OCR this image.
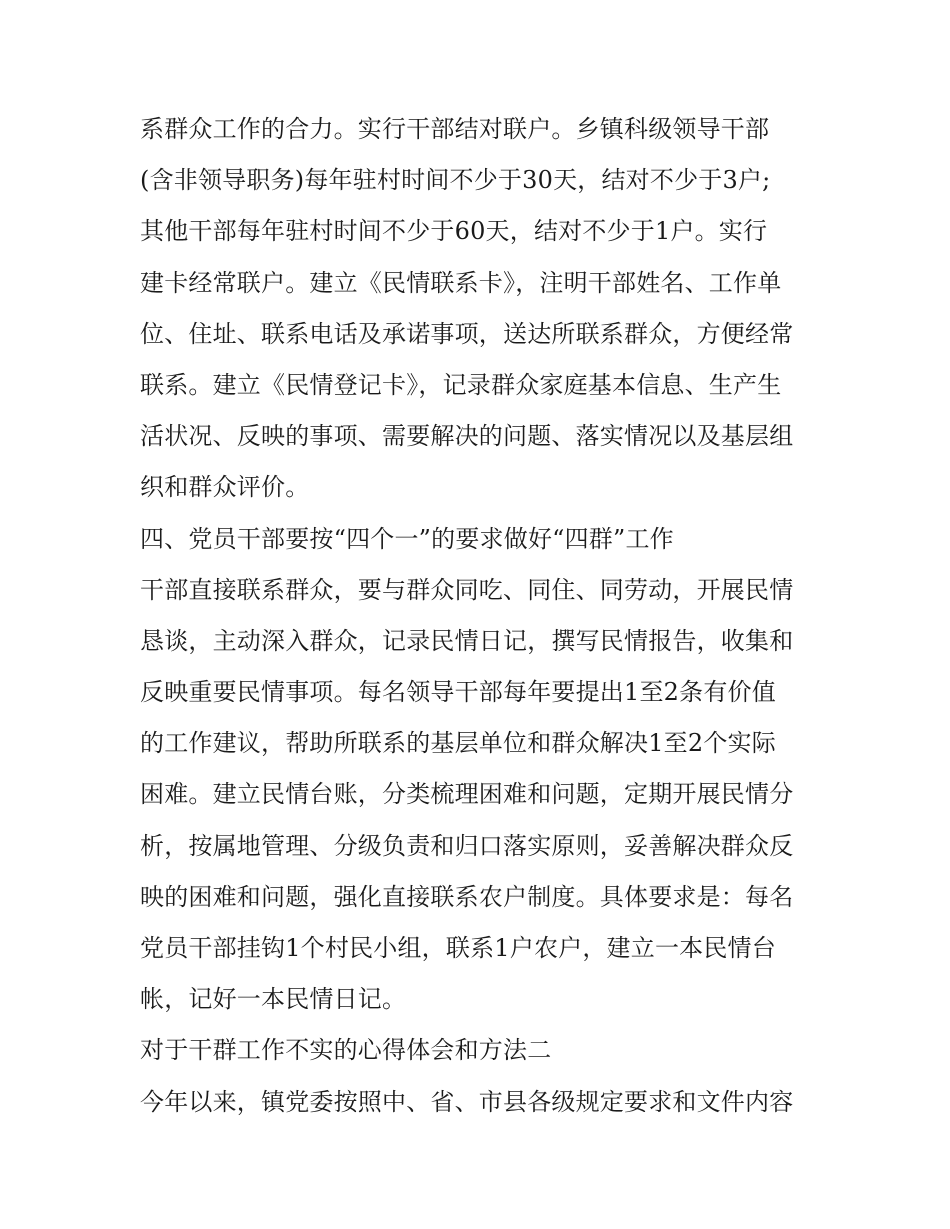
系群众工作的合力。实行干部结对联户。乡镇科级领导干部
(含非领导职务)每年驻村时间不少于30天，结对不少于3户;
其他干部每年驻村时间不少于60天，结对不少于1户。实行
建卡经常联户。建立《民情联系卡》，注明干部姓名、工作单
位、住址、联系电话及承诺事项，送达所联系群众，方便经常
联系。建立《民情登记卡》，记录群众家庭基本信息、生产生
活状况、反映的事项、需要解决的问题、落实情况以及基层组
织和群众评价。
四、党员干部要按“四个一”的要求做好“四群”工作
干部直接联系群众，要与群众同吃、同住、同劳动，开展民情
恳谈，主动深入群众，记录民情日记，撰写民情报告，收集和
反映重要民情事项。每名领导干部每年要提出1至2条有价值
的工作建议，帮助所联系的基层单位和群众解决1至2个实际
困难。建立民情台账，分类梳理困难和问题，定期开展民情分
析，按属地管理、分级负责和归口落实原则，妥善解决群众反
映的困难和问题，强化直接联系农户制度。具体要求是：每名
党员干部挂钩1个村民小组，联系1户农户，建立一本民情台
帐，记好一本民情日记。
对于干群工作不实的心得体会和方法二
今年以来，镇党委按照中、省、市县各级规定要求和文件内容
